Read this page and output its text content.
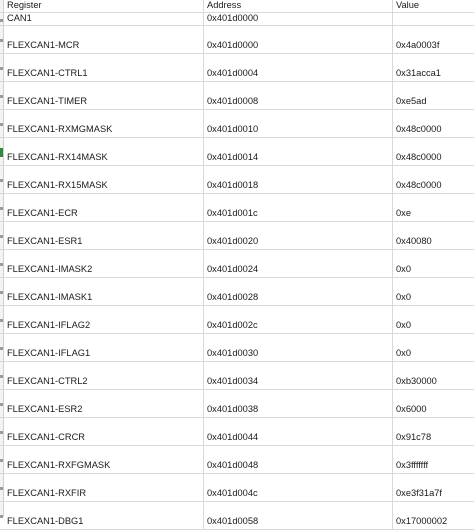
Register	Address	Value
CAN1	0x401d0000
FLEXCAN1-MCR	0x401d0000	0x4a0003f
FLEXCAN1-CTRL1	0x401d0004	0x31acca1
FLEXCAN1-TIMER	0x401d0008	0xe5ad
FLEXCAN1-RXMGMASK	0x401d0010	0x48c0000
FLEXCAN1-RX14MASK	0x401d0014	0x48c0000
FLEXCAN1-RX15MASK	0x401d0018	0x48c0000
FLEXCAN1-ECR	0x401d001c	0xe
FLEXCAN1-ESR1	0x401d0020	0x40080
FLEXCAN1-IMASK2	0x401d0024	0x0
FLEXCAN1-IMASK1	0x401d0028	0x0
FLEXCAN1-IFLAG2	0x401d002c	0x0
FLEXCAN1-IFLAG1	0x401d0030	0x0
FLEXCAN1-CTRL2	0x401d0034	0xb30000
FLEXCAN1-ESR2	0x401d0038	0x6000
FLEXCAN1-CRCR	0x401d0044	0x91c78
FLEXCAN1-RXFGMASK	0x401d0048	0x3fffffff
FLEXCAN1-RXFIR	0x401d004c	0xe3f31a7f
FLEXCAN1-DBG1	0x401d0058	0x17000002
